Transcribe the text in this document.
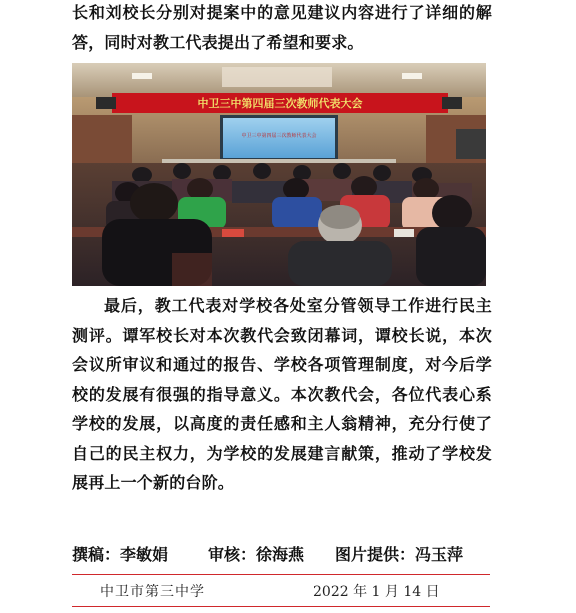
长和刘校长分别对提案中的意见建议内容进行了详细的解答，同时对教工代表提出了希望和要求。

中卫三中第四届三次教师代表大会
中卫三中第四届三次教师代表大会

最后，教工代表对学校各处室分管领导工作进行民主测评。谭军校长对本次教代会致闭幕词，谭校长说，本次会议所审议和通过的报告、学校各项管理制度，对今后学校的发展有很强的指导意义。本次教代会，各位代表心系学校的发展，以高度的责任感和主人翁精神，充分行使了自己的民主权力，为学校的发展建言献策，推动了学校发展再上一个新的台阶。

撰稿：李敏娟 审核：徐海燕 图片提供：冯玉萍
中卫市第三中学	2022 年 1 月 14 日
